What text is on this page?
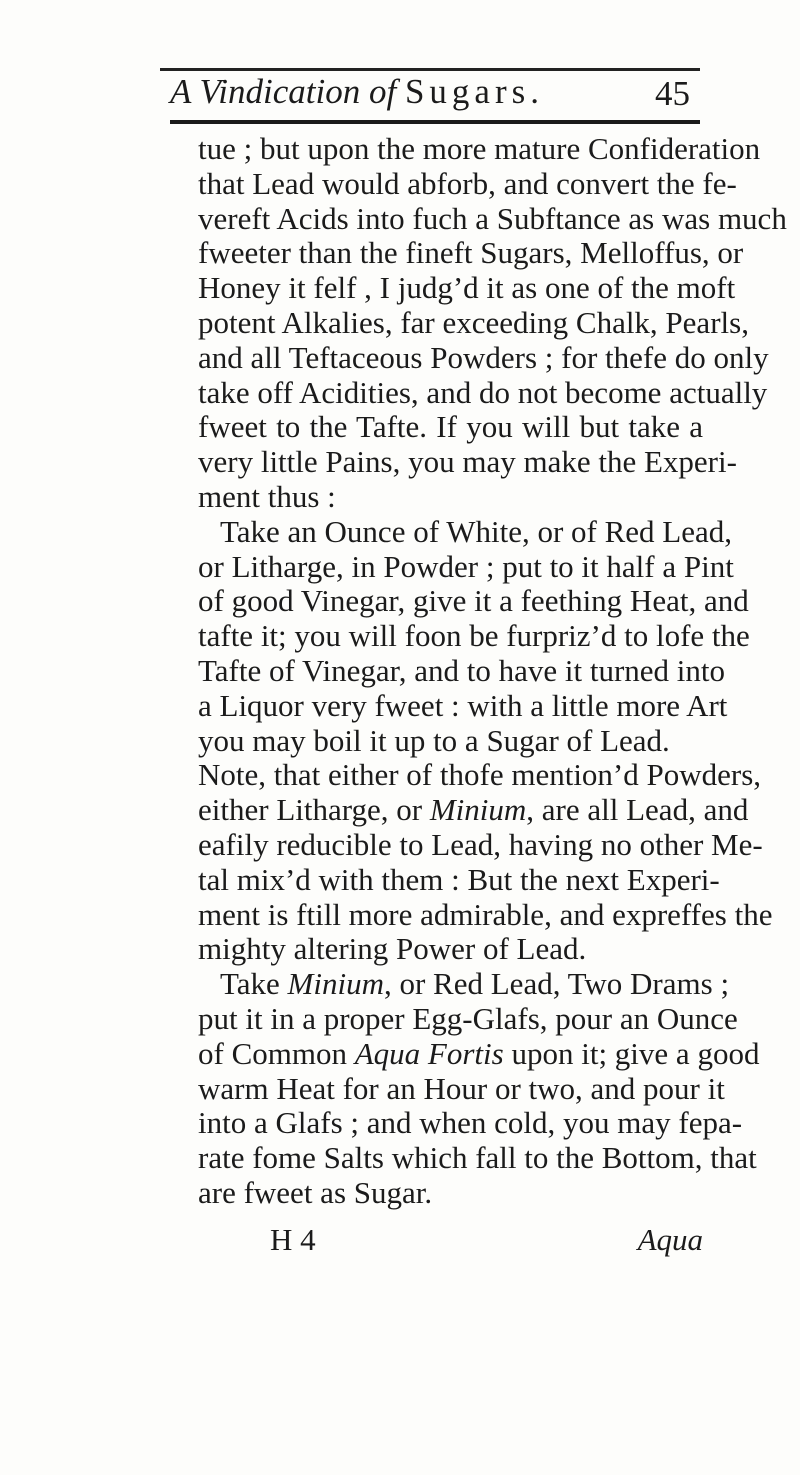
A Vindication of Sugars.	45
tue ; but upon the more mature Confideration
that Lead would abforb, and convert the fe-
vereft Acids into fuch a Subftance as was much
fweeter than the fineft Sugars, Melloffus, or
Honey it felf , I judg’d it as one of the moft
potent Alkalies, far exceeding Chalk, Pearls,
and all Teftaceous Powders ; for thefe do only
take off Acidities, and do not become actually
fweet to the Tafte. If you will but take a
very little Pains, you may make the Experi-
ment thus :
Take an Ounce of White, or of Red Lead,
or Litharge, in Powder ; put to it half a Pint
of good Vinegar, give it a feething Heat, and
tafte it; you will foon be furpriz’d to lofe the
Tafte of Vinegar, and to have it turned into
a Liquor very fweet : with a little more Art
you may boil it up to a Sugar of Lead.
Note, that either of thofe mention’d Powders,
either Litharge, or Minium, are all Lead, and
eafily reducible to Lead, having no other Me-
tal mix’d with them : But the next Experi-
ment is ftill more admirable, and expreffes the
mighty altering Power of Lead.
Take Minium, or Red Lead, Two Drams ;
put it in a proper Egg-Glafs, pour an Ounce
of Common Aqua Fortis upon it; give a good
warm Heat for an Hour or two, and pour it
into a Glafs ; and when cold, you may fepa-
rate fome Salts which fall to the Bottom, that
are fweet as Sugar.
H 4	Aqua
